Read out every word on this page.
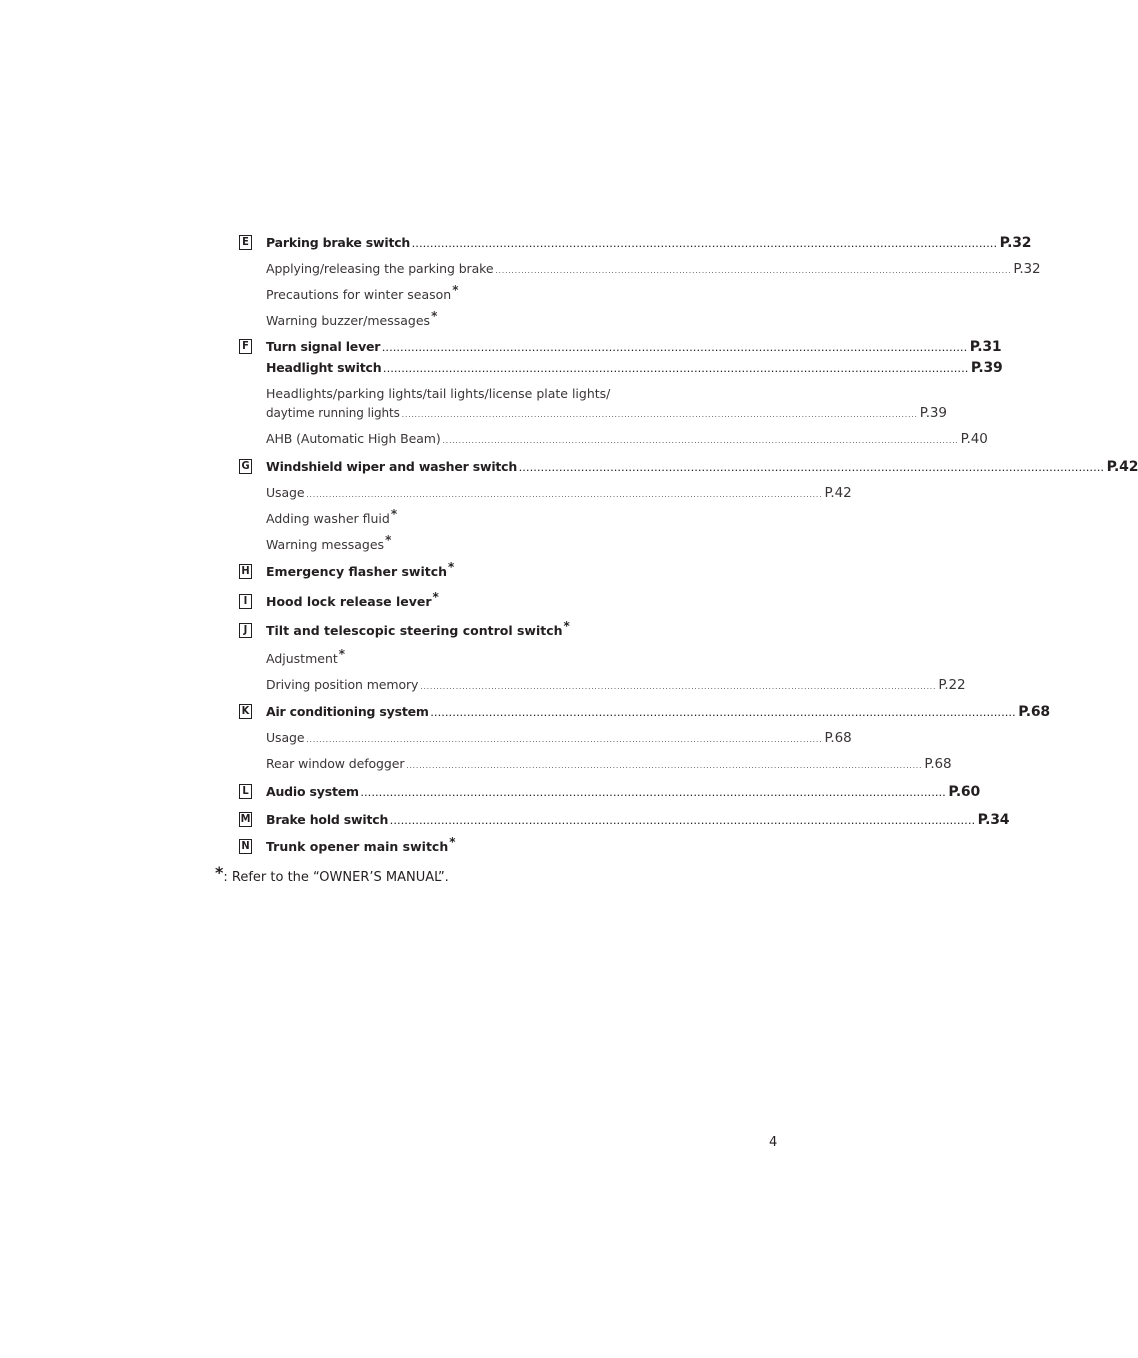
E Parking brake switch ................................................................................................................................................................ P.32
Applying/releasing the parking brake ................................................................................................................................................................ P.32
Precautions for winter season*
Warning buzzer/messages*
F Turn signal lever ................................................................................................................................................................ P.31
Headlight switch ................................................................................................................................................................ P.39
Headlights/parking lights/tail lights/license plate lights/
daytime running lights ................................................................................................................................................................ P.39
AHB (Automatic High Beam) ................................................................................................................................................................ P.40
G Windshield wiper and washer switch ................................................................................................................................................................ P.42
Usage ................................................................................................................................................................ P.42
Adding washer fluid*
Warning messages*
H Emergency flasher switch*
I	Hood lock release lever*
J	Tilt and telescopic steering control switch*
Adjustment*
Driving position memory ................................................................................................................................................................ P.22
K Air conditioning system ................................................................................................................................................................ P.68
Usage ................................................................................................................................................................ P.68
Rear window defogger ................................................................................................................................................................ P.68
L Audio system ................................................................................................................................................................ P.60
M Brake hold switch ................................................................................................................................................................ P.34
N Trunk opener main switch*
*: Refer to the “OWNER’S MANUAL”.
4
